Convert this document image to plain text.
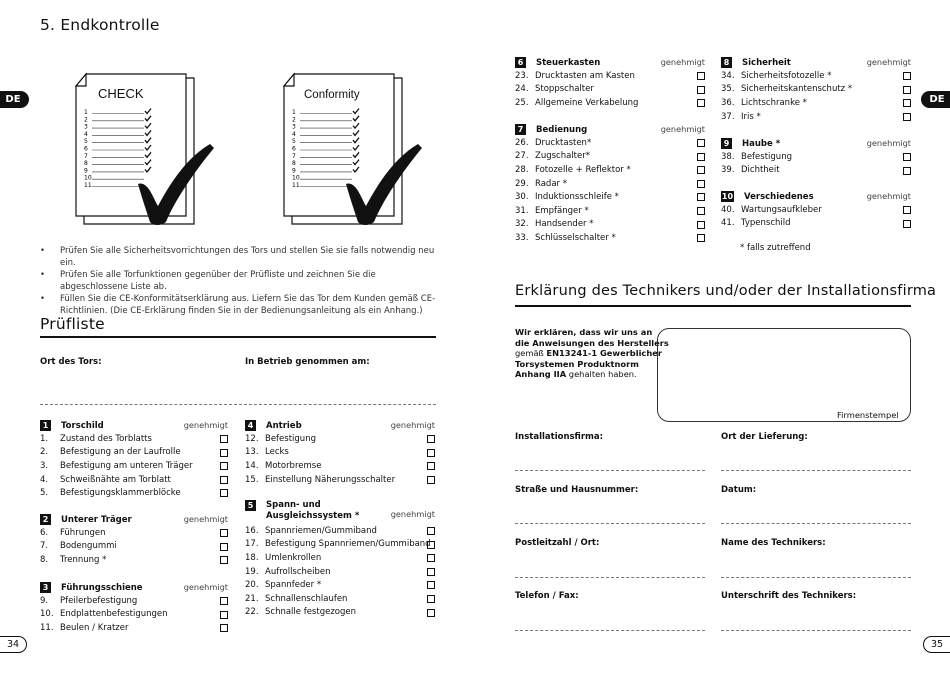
5. Endkontrolle
DE	CHECK
1
2
3
4
5
6
7
8
9
10
11
Conformity
1
2
3
4
5
6
7
8
9
10
11
• Prüfen Sie alle Sicherheitsvorrichtungen des Tors und stellen Sie sie falls notwendig neu ein.
• Prüfen Sie alle Torfunktionen gegenüber der Prüfliste und zeichnen Sie die abgeschlossene Liste ab.
• Füllen Sie die CE-Konformitätserklärung aus. Liefern Sie das Tor dem Kunden gemäß CE-Richtlinien. (Die CE-Erklärung finden Sie in der Bedienungsanleitung als ein Anhang.)
Prüfliste
Ort des Tors:	In Betrieb genommen am:
1	Torschild	genehmigt
1.	Zustand des Torblatts
2.	Befestigung an der Laufrolle
3.	Befestigung am unteren Träger
4.	Schweißnähte am Torblatt
5.	Befestigungsklammerblöcke
2	Unterer Träger	genehmigt
6.	Führungen
7.	Bodengummi
8.	Trennung *
3	Führungsschiene	genehmigt
9.	Pfeilerbefestigung
10. Endplattenbefestigungen
11. Beulen / Kratzer
4	Antrieb	genehmigt
12. Befestigung
13. Lecks
14. Motorbremse
15. Einstellung Näherungsschalter
5	Spann- und
Ausgleichssystem *	genehmigt
16. Spannriemen/Gummiband
17. Befestigung Spannriemen/Gummiband
18. Umlenkrollen
19. Aufrollscheiben
20. Spannfeder *
21. Schnallenschlaufen
22. Schnalle festgezogen
6	Steuerkasten	genehmigt
23. Drucktasten am Kasten
24. Stoppschalter
25. Allgemeine Verkabelung
7	Bedienung	genehmigt
26. Drucktasten*
27. Zugschalter*
28. Fotozelle + Reflektor *
29. Radar *
30. Induktionsschleife *
31. Empfänger *
32. Handsender *
33. Schlüsselschalter *
8	Sicherheit	genehmigt
34. Sicherheitsfotozelle *
35. Sicherheitskantenschutz *
36. Lichtschranke *
37. Iris *
9	Haube *	genehmigt
38. Befestigung
39. Dichtheit
10 Verschiedenes	genehmigt
40. Wartungsaufkleber
41. Typenschild
34
DE
* falls zutreffend
Erklärung des Technikers und/oder der Installationsfirma
Wir erklären, dass wir uns an
die Anweisungen des Herstellers
gemäß EN13241-1 Gewerblicher
Torsystemen Produktnorm
Anhang IIA gehalten haben.
Firmenstempel
Installationsfirma:	Ort der Lieferung:
Straße und Hausnummer:	Datum:
Postleitzahl / Ort:	Name des Technikers:
Telefon / Fax:	Unterschrift des Technikers:
35
